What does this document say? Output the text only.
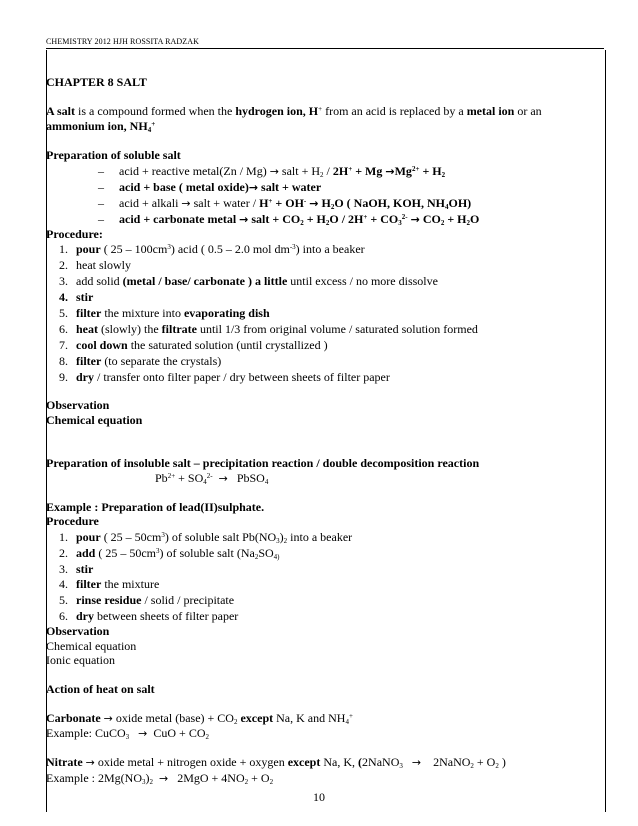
CHEMISTRY 2012 HJH ROSSITA RADZAK
CHAPTER 8 SALT
A salt is a compound formed when the hydrogen ion, H+ from an acid is replaced by a metal ion or an
ammonium ion, $NH_4^+$
Preparation of soluble salt
– acid + reactive metal(Zn / Mg) → salt + $H_2 / 2H^+ + Mg \to Mg^{2+} + H_2$
– acid + base ( metal oxide)→ salt + water
– acid + alkali → salt + water / $H^+ + OH^- \to H_2O$ ( NaOH, KOH, $NH_4OH$)
– acid + carbonate metal → salt + $CO_2 + H_2O / 2H^+ + CO_3^{2-} \to CO_2 + H_2O$
Procedure:
1. pour ( $25 - 100cm^3$) acid ( 0.5 – 2.0 mol $dm^{-3}$) into a beaker
2. heat slowly
3. add solid (metal / base/ carbonate ) a little until excess / no more dissolve
4. stir
5. filter the mixture into evaporating dish
6. heat (slowly) the filtrate until 1/3 from original volume / saturated solution formed
7. cool down the saturated solution (until crystallized )
8. filter (to separate the crystals)
9. dry / transfer onto filter paper / dry between sheets of filter paper
Observation
Chemical equation
Preparation of insoluble salt – precipitation reaction / double decomposition reaction
$Pb^{2+} + SO_4^{2-}$ → PbSO$_4$
Example : Preparation of lead(II)sulphate.
Procedure
1. pour ( $25 - 50cm^3$) of soluble salt $Pb(NO_3)_2$ into a beaker
2. add ( $25 - 50cm^3$) of soluble salt ($Na_2SO_{4)}$
3. stir
4. filter the mixture
5. rinse residue / solid / precipitate
6. dry between sheets of filter paper
Observation
Chemical equation
Ionic equation
Action of heat on salt
Carbonate → oxide metal (base) + $CO_2$ except Na, K and $NH_4^+$
Example: CuCO$_3$ → CuO + $CO_2$
Nitrate → oxide metal + nitrogen oxide + oxygen except Na, K, (2NaNO$_3$ → 2NaNO$_2$ + $O_2$ )
Example : $2Mg(NO_3)_2 \to 2MgO + 4NO_2 + O_2$
10
